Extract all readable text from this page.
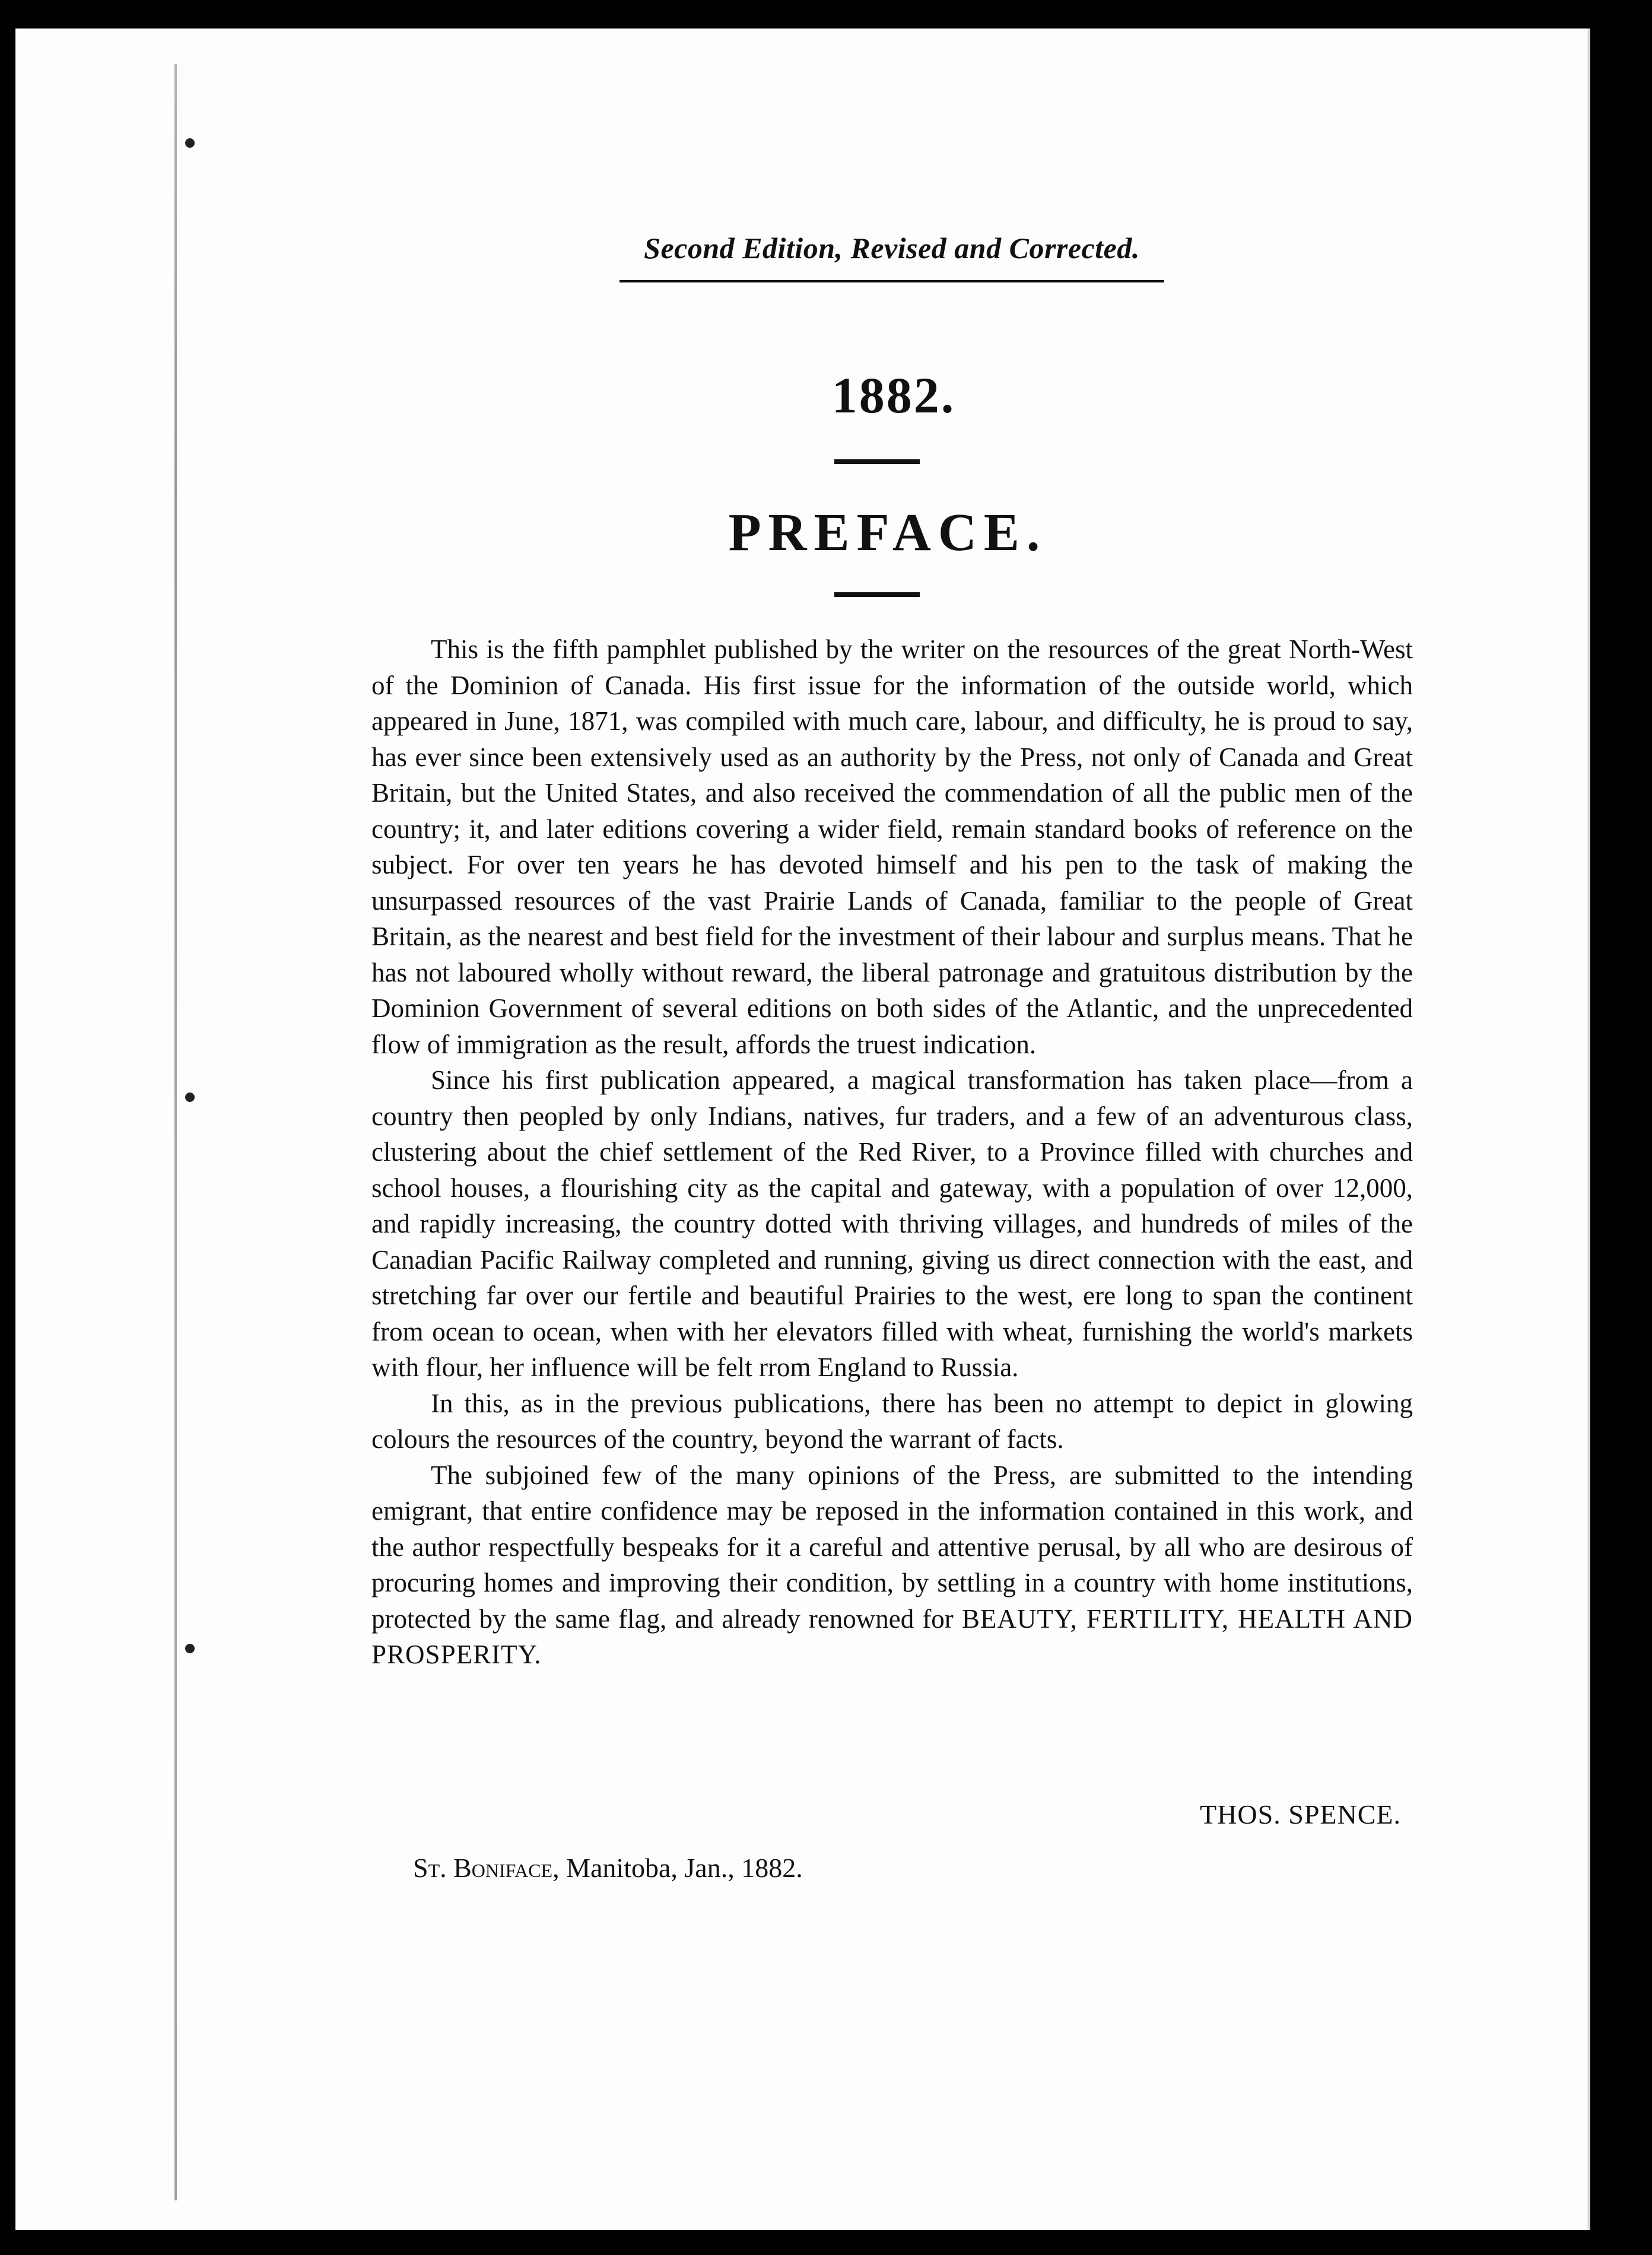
Second Edition, Revised and Corrected.
1882.
PREFACE.

This is the fifth pamphlet published by the writer on the resources of the great North-West of the Dominion of Canada. His first issue for the information of the outside world, which appeared in June, 1871, was compiled with much care, labour, and difficulty, he is proud to say, has ever since been extensively used as an authority by the Press, not only of Canada and Great Britain, but the United States, and also received the commendation of all the public men of the country; it, and later editions covering a wider field, remain standard books of reference on the subject. For over ten years he has devoted himself and his pen to the task of making the unsurpassed resources of the vast Prairie Lands of Canada, familiar to the people of Great Britain, as the nearest and best field for the investment of their labour and surplus means. That he has not laboured wholly without reward, the liberal patronage and gratuitous distribution by the Dominion Government of several editions on both sides of the Atlantic, and the unprecedented flow of immigration as the result, affords the truest indication.

Since his first publication appeared, a magical transformation has taken place—from a country then peopled by only Indians, natives, fur traders, and a few of an adventurous class, clustering about the chief settlement of the Red River, to a Province filled with churches and school houses, a flourishing city as the capital and gateway, with a population of over 12,000, and rapidly increasing, the country dotted with thriving villages, and hundreds of miles of the Canadian Pacific Railway completed and running, giving us direct connection with the east, and stretching far over our fertile and beautiful Prairies to the west, ere long to span the continent from ocean to ocean, when with her elevators filled with wheat, furnishing the world's markets with flour, her influence will be felt rrom England to Russia.

In this, as in the previous publications, there has been no attempt to depict in glowing colours the resources of the country, beyond the warrant of facts.

The subjoined few of the many opinions of the Press, are submitted to the intending emigrant, that entire confidence may be reposed in the information contained in this work, and the author respectfully bespeaks for it a careful and attentive perusal, by all who are desirous of procuring homes and improving their condition, by settling in a country with home institutions, protected by the same flag, and already renowned for BEAUTY, FERTILITY, HEALTH AND PROSPERITY.

THOS. SPENCE.
St. Boniface, Manitoba, Jan., 1882.
